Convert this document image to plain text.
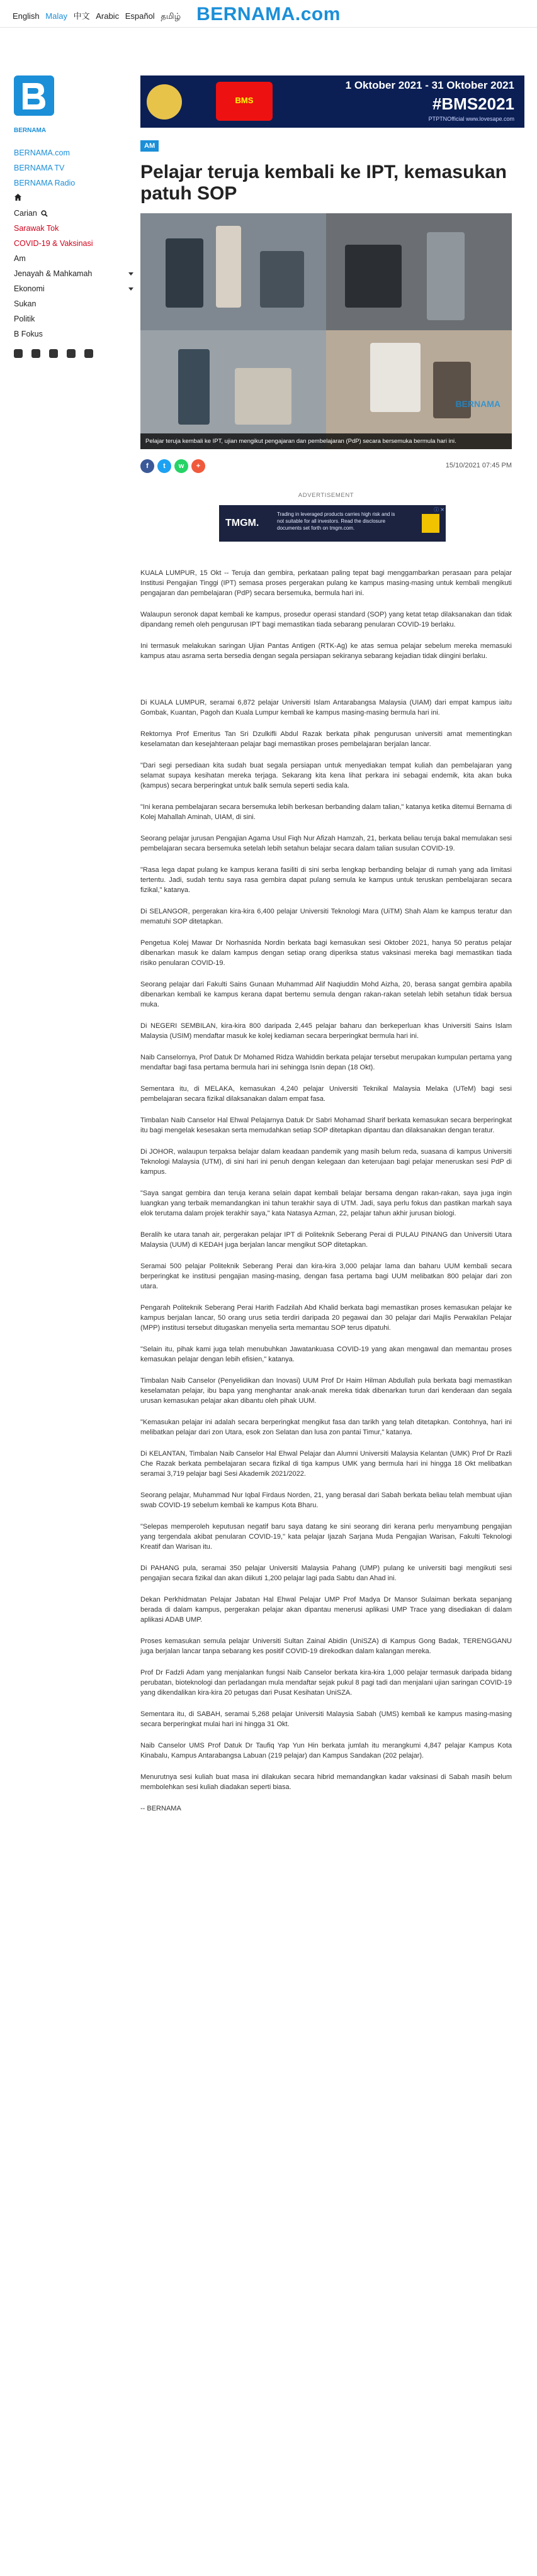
English Malay 中文 Arabic Español தமிழ் BERNAMA.com
BERNAMA
BERNAMA.com
BERNAMA TV
BERNAMA Radio
Carian
Sarawak Tok
COVID-19 & Vaksinasi
Am
Jenayah & Mahkamah
Ekonomi
Sukan
Politik
B Fokus
BMS
1 Oktober 2021 - 31 Oktober 2021
#BMS2021
PTPTNOfficial www.lovesape.com
AM
Pelajar teruja kembali ke IPT, kemasukan patuh SOP
BERNAMA
Pelajar teruja kembali ke IPT, ujian mengikut pengajaran dan pembelajaran (PdP) secara bersemuka bermula hari ini.
f	t	w	+	15/10/2021 07:45 PM
ADVERTISEMENT
TMGM.
Trading in leveraged products carries high risk and is not suitable for all investors. Read the disclosure documents set forth on tmgm.com.
ⓘ ✕

KUALA LUMPUR, 15 Okt -- Teruja dan gembira, perkataan paling tepat bagi menggambarkan perasaan para pelajar Institusi Pengajian Tinggi (IPT) semasa proses pergerakan pulang ke kampus masing-masing untuk kembali mengikuti pengajaran dan pembelajaran (PdP) secara bersemuka, bermula hari ini.

Walaupun seronok dapat kembali ke kampus, prosedur operasi standard (SOP) yang ketat tetap dilaksanakan dan tidak dipandang remeh oleh pengurusan IPT bagi memastikan tiada sebarang penularan COVID-19 berlaku.

Ini termasuk melakukan saringan Ujian Pantas Antigen (RTK-Ag) ke atas semua pelajar sebelum mereka memasuki kampus atau asrama serta bersedia dengan segala persiapan sekiranya sebarang kejadian tidak diingini berlaku.

Di KUALA LUMPUR, seramai 6,872 pelajar Universiti Islam Antarabangsa Malaysia (UIAM) dari empat kampus iaitu Gombak, Kuantan, Pagoh dan Kuala Lumpur kembali ke kampus masing-masing bermula hari ini.

Rektornya Prof Emeritus Tan Sri Dzulkifli Abdul Razak berkata pihak pengurusan universiti amat mementingkan keselamatan dan kesejahteraan pelajar bagi memastikan proses pembelajaran berjalan lancar.

"Dari segi persediaan kita sudah buat segala persiapan untuk menyediakan tempat kuliah dan pembelajaran yang selamat supaya kesihatan mereka terjaga. Sekarang kita kena lihat perkara ini sebagai endemik, kita akan buka (kampus) secara berperingkat untuk balik semula seperti sedia kala.

"Ini kerana pembelajaran secara bersemuka lebih berkesan berbanding dalam talian," katanya ketika ditemui Bernama di Kolej Mahallah Aminah, UIAM, di sini.

Seorang pelajar jurusan Pengajian Agama Usul Fiqh Nur Afizah Hamzah, 21, berkata beliau teruja bakal memulakan sesi pembelajaran secara bersemuka setelah lebih setahun belajar secara dalam talian susulan COVID-19.

"Rasa lega dapat pulang ke kampus kerana fasiliti di sini serba lengkap berbanding belajar di rumah yang ada limitasi tertentu. Jadi, sudah tentu saya rasa gembira dapat pulang semula ke kampus untuk teruskan pembelajaran secara fizikal," katanya.

Di SELANGOR, pergerakan kira-kira 6,400 pelajar Universiti Teknologi Mara (UiTM) Shah Alam ke kampus teratur dan mematuhi SOP ditetapkan.

Pengetua Kolej Mawar Dr Norhasnida Nordin berkata bagi kemasukan sesi Oktober 2021, hanya 50 peratus pelajar dibenarkan masuk ke dalam kampus dengan setiap orang diperiksa status vaksinasi mereka bagi memastikan tiada risiko penularan COVID-19.

Seorang pelajar dari Fakulti Sains Gunaan Muhammad Alif Naqiuddin Mohd Aizha, 20, berasa sangat gembira apabila dibenarkan kembali ke kampus kerana dapat bertemu semula dengan rakan-rakan setelah lebih setahun tidak bersua muka.

Di NEGERI SEMBILAN, kira-kira 800 daripada 2,445 pelajar baharu dan berkeperluan khas Universiti Sains Islam Malaysia (USIM) mendaftar masuk ke kolej kediaman secara berperingkat bermula hari ini.

Naib Canselornya, Prof Datuk Dr Mohamed Ridza Wahiddin berkata pelajar tersebut merupakan kumpulan pertama yang mendaftar bagi fasa pertama bermula hari ini sehingga Isnin depan (18 Okt).

Sementara itu, di MELAKA, kemasukan 4,240 pelajar Universiti Teknikal Malaysia Melaka (UTeM) bagi sesi pembelajaran secara fizikal dilaksanakan dalam empat fasa.

Timbalan Naib Canselor Hal Ehwal Pelajarnya Datuk Dr Sabri Mohamad Sharif berkata kemasukan secara berperingkat itu bagi mengelak kesesakan serta memudahkan setiap SOP ditetapkan dipantau dan dilaksanakan dengan teratur.

Di JOHOR, walaupun terpaksa belajar dalam keadaan pandemik yang masih belum reda, suasana di kampus Universiti Teknologi Malaysia (UTM), di sini hari ini penuh dengan kelegaan dan keterujaan bagi pelajar meneruskan sesi PdP di kampus.

"Saya sangat gembira dan teruja kerana selain dapat kembali belajar bersama dengan rakan-rakan, saya juga ingin luangkan yang terbaik memandangkan ini tahun terakhir saya di UTM. Jadi, saya perlu fokus dan pastikan markah saya elok terutama dalam projek terakhir saya," kata Natasya Azman, 22, pelajar tahun akhir jurusan biologi.

Beralih ke utara tanah air, pergerakan pelajar IPT di Politeknik Seberang Perai di PULAU PINANG dan Universiti Utara Malaysia (UUM) di KEDAH juga berjalan lancar mengikut SOP ditetapkan.

Seramai 500 pelajar Politeknik Seberang Perai dan kira-kira 3,000 pelajar lama dan baharu UUM kembali secara berperingkat ke institusi pengajian masing-masing, dengan fasa pertama bagi UUM melibatkan 800 pelajar dari zon utara.

Pengarah Politeknik Seberang Perai Harith Fadzilah Abd Khalid berkata bagi memastikan proses kemasukan pelajar ke kampus berjalan lancar, 50 orang urus setia terdiri daripada 20 pegawai dan 30 pelajar dari Majlis Perwakilan Pelajar (MPP) institusi tersebut ditugaskan menyelia serta memantau SOP terus dipatuhi.

"Selain itu, pihak kami juga telah menubuhkan Jawatankuasa COVID-19 yang akan mengawal dan memantau proses kemasukan pelajar dengan lebih efisien," katanya.

Timbalan Naib Canselor (Penyelidikan dan Inovasi) UUM Prof Dr Haim Hilman Abdullah pula berkata bagi memastikan keselamatan pelajar, ibu bapa yang menghantar anak-anak mereka tidak dibenarkan turun dari kenderaan dan segala urusan kemasukan pelajar akan dibantu oleh pihak UUM.

"Kemasukan pelajar ini adalah secara berperingkat mengikut fasa dan tarikh yang telah ditetapkan. Contohnya, hari ini melibatkan pelajar dari zon Utara, esok zon Selatan dan lusa zon pantai Timur," katanya.

Di KELANTAN, Timbalan Naib Canselor Hal Ehwal Pelajar dan Alumni Universiti Malaysia Kelantan (UMK) Prof Dr Razli Che Razak berkata pembelajaran secara fizikal di tiga kampus UMK yang bermula hari ini hingga 18 Okt melibatkan seramai 3,719 pelajar bagi Sesi Akademik 2021/2022.

Seorang pelajar, Muhammad Nur Iqbal Firdaus Norden, 21, yang berasal dari Sabah berkata beliau telah membuat ujian swab COVID-19 sebelum kembali ke kampus Kota Bharu.

"Selepas memperoleh keputusan negatif baru saya datang ke sini seorang diri kerana perlu menyambung pengajian yang tergendala akibat penularan COVID-19," kata pelajar Ijazah Sarjana Muda Pengajian Warisan, Fakulti Teknologi Kreatif dan Warisan itu.

Di PAHANG pula, seramai 350 pelajar Universiti Malaysia Pahang (UMP) pulang ke universiti bagi mengikuti sesi pengajian secara fizikal dan akan diikuti 1,200 pelajar lagi pada Sabtu dan Ahad ini.

Dekan Perkhidmatan Pelajar Jabatan Hal Ehwal Pelajar UMP Prof Madya Dr Mansor Sulaiman berkata sepanjang berada di dalam kampus, pergerakan pelajar akan dipantau menerusi aplikasi UMP Trace yang disediakan di dalam aplikasi ADAB UMP.

Proses kemasukan semula pelajar Universiti Sultan Zainal Abidin (UniSZA) di Kampus Gong Badak, TERENGGANU juga berjalan lancar tanpa sebarang kes positif COVID-19 direkodkan dalam kalangan mereka.

Prof Dr Fadzli Adam yang menjalankan fungsi Naib Canselor berkata kira-kira 1,000 pelajar termasuk daripada bidang perubatan, bioteknologi dan perladangan mula mendaftar sejak pukul 8 pagi tadi dan menjalani ujian saringan COVID-19 yang dikendalikan kira-kira 20 petugas dari Pusat Kesihatan UniSZA.

Sementara itu, di SABAH, seramai 5,268 pelajar Universiti Malaysia Sabah (UMS) kembali ke kampus masing-masing secara berperingkat mulai hari ini hingga 31 Okt.

Naib Canselor UMS Prof Datuk Dr Taufiq Yap Yun Hin berkata jumlah itu merangkumi 4,847 pelajar Kampus Kota Kinabalu, Kampus Antarabangsa Labuan (219 pelajar) dan Kampus Sandakan (202 pelajar).

Menurutnya sesi kuliah buat masa ini dilakukan secara hibrid memandangkan kadar vaksinasi di Sabah masih belum membolehkan sesi kuliah diadakan seperti biasa.

-- BERNAMA
